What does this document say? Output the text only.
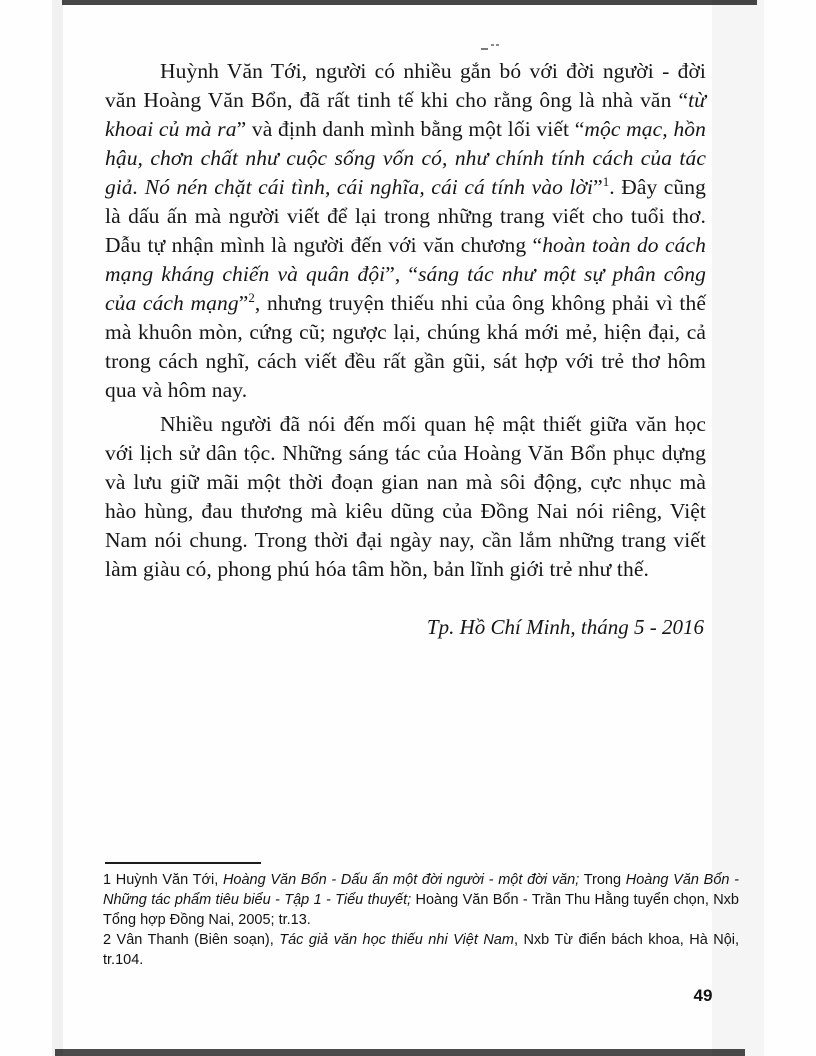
Huỳnh Văn Tới, người có nhiều gắn bó với đời người - đời văn Hoàng Văn Bổn, đã rất tinh tế khi cho rằng ông là nhà văn “từ khoai củ mà ra” và định danh mình bằng một lối viết “mộc mạc, hồn hậu, chơn chất như cuộc sống vốn có, như chính tính cách của tác giả. Nó nén chặt cái tình, cái nghĩa, cái cá tính vào lời”$^1$. Đây cũng là dấu ấn mà người viết để lại trong những trang viết cho tuổi thơ. Dẫu tự nhận mình là người đến với văn chương “hoàn toàn do cách mạng kháng chiến và quân đội”, “sáng tác như một sự phân công của cách mạng”$^2$, nhưng truyện thiếu nhi của ông không phải vì thế mà khuôn mòn, cứng cũ; ngược lại, chúng khá mới mẻ, hiện đại, cả trong cách nghĩ, cách viết đều rất gần gũi, sát hợp với trẻ thơ hôm qua và hôm nay.

Nhiều người đã nói đến mối quan hệ mật thiết giữa văn học với lịch sử dân tộc. Những sáng tác của Hoàng Văn Bổn phục dựng và lưu giữ mãi một thời đoạn gian nan mà sôi động, cực nhục mà hào hùng, đau thương mà kiêu dũng của Đồng Nai nói riêng, Việt Nam nói chung. Trong thời đại ngày nay, cần lắm những trang viết làm giàu có, phong phú hóa tâm hồn, bản lĩnh giới trẻ như thế.

Tp. Hồ Chí Minh, tháng 5 - 2016

1 Huỳnh Văn Tới, Hoàng Văn Bổn - Dấu ấn một đời người - một đời văn; Trong Hoàng Văn Bổn - Những tác phẩm tiêu biểu - Tập 1 - Tiểu thuyết; Hoàng Văn Bổn - Trần Thu Hằng tuyển chọn, Nxb Tổng hợp Đồng Nai, 2005; tr.13.

2 Vân Thanh (Biên soạn), Tác giả văn học thiếu nhi Việt Nam, Nxb Từ điển bách khoa, Hà Nội, tr.104.

49
